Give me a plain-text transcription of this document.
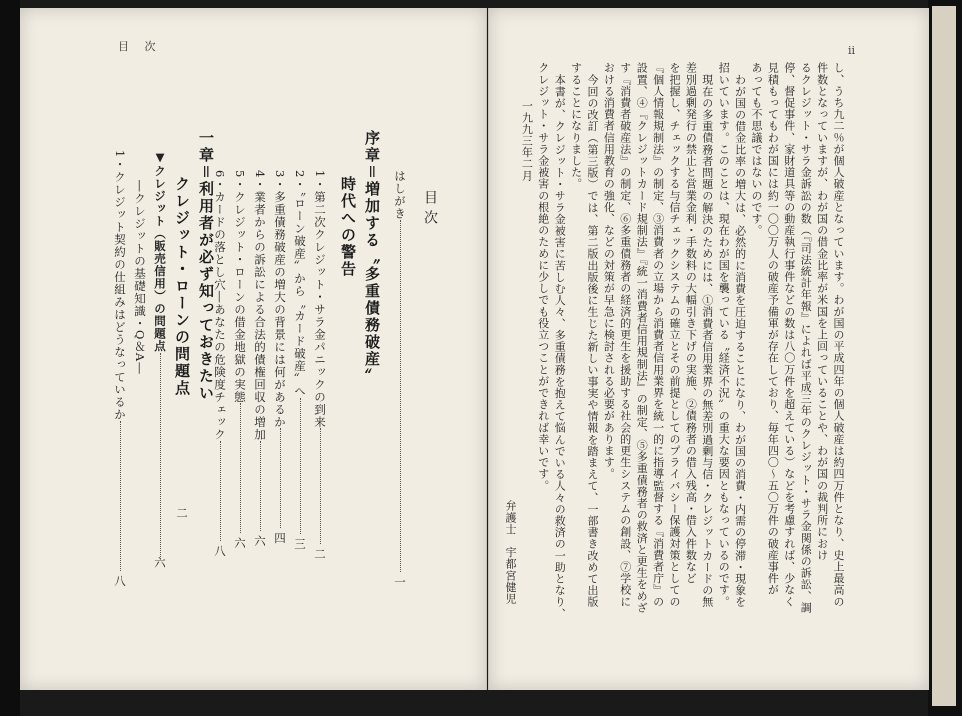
目 次
目次
はしがき一
序章＝増加する〝多重債務破産〟
時代への警告
1・第二次クレジット・サラ金パニックの到来二
2・〝ローン破産〟から〝カード破産〟へ三
3・多重債務破産の増大の背景には何があるか四
4・業者からの訴訟による合法的債権回収の増加六
5・クレジット・ローンの借金地獄の実態六
6・カードの落とし穴―あなたの危険度チェック八
一章＝利用者が必ず知っておきたい
クレジット・ローンの問題点二
▼クレジット（販売信用）の問題点六
―クレジットの基礎知識・Q＆A―
1・クレジット契約の仕組みはどうなっているか八
ii
し、うち九二％が個人破産となっています。わが国の平成四年の個人破産は約四万件となり、史上最高の
件数となっていますが、わが国の借金比率が米国を上回っていることや、わが国の裁判所におけ
るクレジット・サラ金訴訟の数（『司法統計年報』によれば平成三年のクレジット・サラ金関係の訴訟、調
停、督促事件、家財道具等の動産執行事件などの数は八〇万件を超えている）などを考慮すれば、少なく
見積もってもわが国には約一〇〇万人の破産予備軍が存在しており、毎年四〇～五〇万件の破産事件が
あっても不思議ではないのです。
わが国の借金比率の増大は、必然的に消費を圧迫することになり、わが国の消費・内需の停滞・現象を
招いています。このことは、現在わが国を襲っている〝経済不況〟の重大な要因ともなっているのです。
現在の多重債務者問題の解決のためには、①消費者信用業界の無差別過剰与信・クレジットカードの無
差別過剰発行の禁止と営業金利・手数料の大幅引き下げの実施、②債務者の借入残高・借入件数など
を把握し、チェックする与信チェックシステムの確立とその前提としてのプライバシー保護対策としての
『個人情報規制法』の制定、③消費者の立場から消費者信用業界を統一的に指導監督する『消費者庁』の
設置、④『クレジットカード規制法』『統一消費者信用規制法』の制定、⑤多重債務者の救済と更生をめざ
す『消費者破産法』の制定、⑥多重債務者の経済的更生を援助する社会的更生システムの創設、⑦学校に
おける消費者信用教育の強化、などの対策が早急に検討される必要があります。
今回の改訂（第三版）では、第二版出版後に生じた新しい事実や情報を踏まえて、一部書き改めて出版
することになりました。
本書が、クレジット・サラ金被害に苦しむ人々、多重債務を抱えて悩んでいる人々の救済の一助となり、
クレジット・サラ金被害の根絶のために少しでも役立つことができれば幸いです。
一九九三年二月
弁護士　宇都宮健児
